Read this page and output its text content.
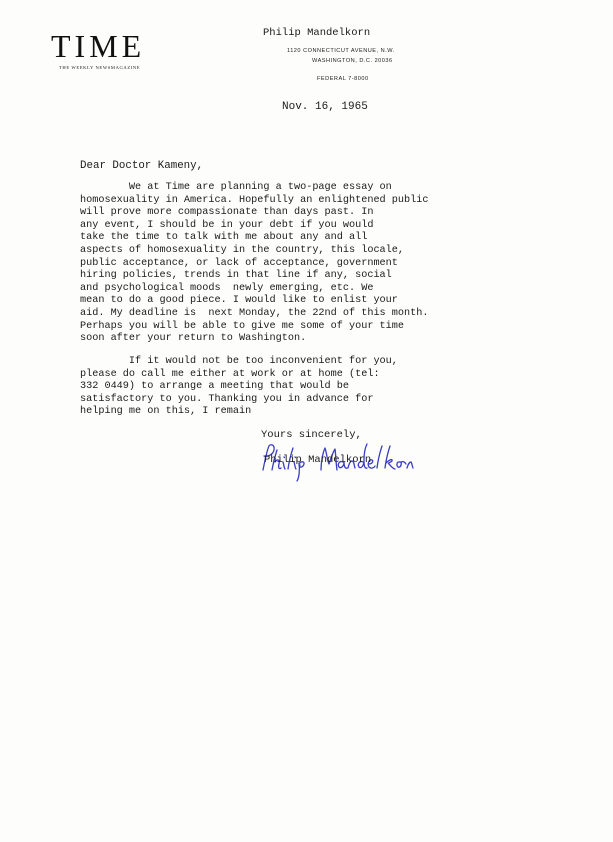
TIME
THE WEEKLY NEWSMAGAZINE
Philip Mandelkorn
1120 CONNECTICUT AVENUE, N.W.
WASHINGTON, D.C. 20036
FEDERAL 7-8000
Nov. 16, 1965
Dear Doctor Kameny,
We at Time are planning a two-page essay on
homosexuality in America. Hopefully an enlightened public
will prove more compassionate than days past. In
any event, I should be in your debt if you would
take the time to talk with me about any and all
aspects of homosexuality in the country, this locale,
public acceptance, or lack of acceptance, government
hiring policies, trends in that line if any, social
and psychological moods  newly emerging, etc. We
mean to do a good piece. I would like to enlist your
aid. My deadline is  next Monday, the 22nd of this month.
Perhaps you will be able to give me some of your time
soon after your return to Washington.
If it would not be too inconvenient for you,
please do call me either at work or at home (tel:
332 0449) to arrange a meeting that would be
satisfactory to you. Thanking you in advance for
helping me on this, I remain
Yours sincerely,
Philip Mandelkorn
